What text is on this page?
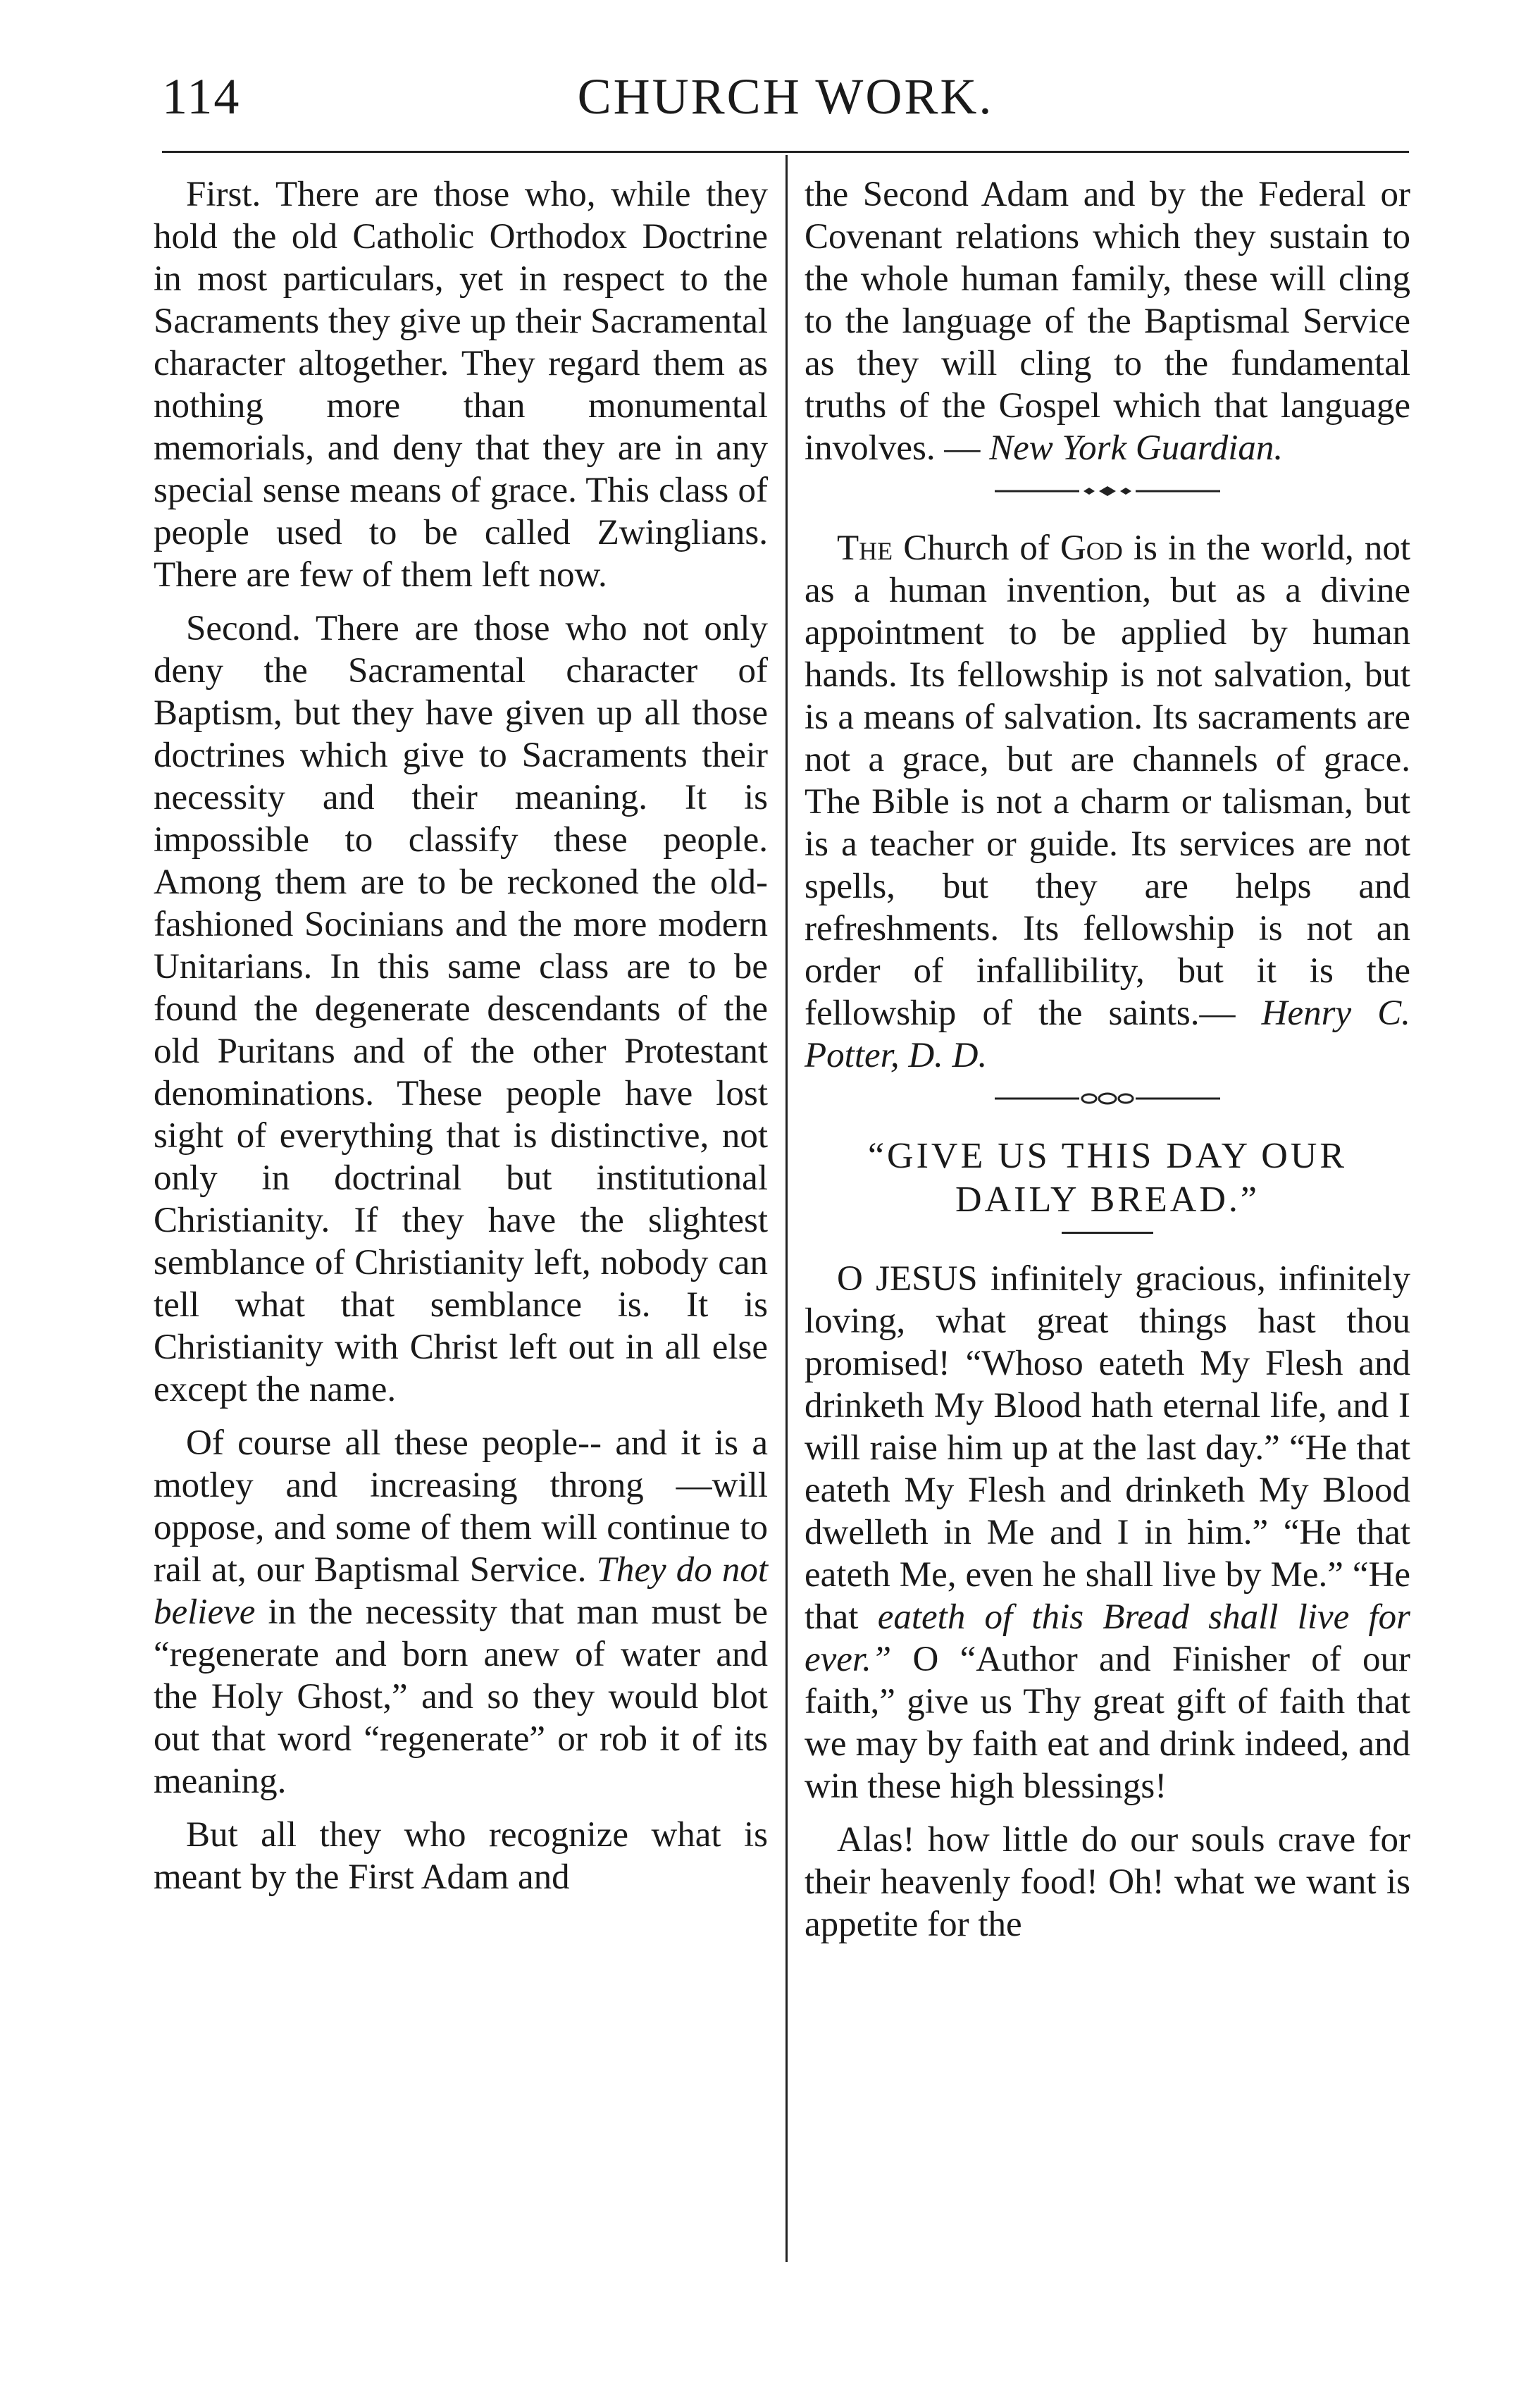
114	CHURCH WORK.

First. There are those who, while they hold the old Catholic Orthodox Doctrine in most particulars, yet in respect to the Sacraments they give up their Sacramental character altogether. They regard them as nothing more than monumental memorials, and deny that they are in any special sense means of grace. This class of people used to be called Zwinglians. There are few of them left now.

Second. There are those who not only deny the Sacramental character of Baptism, but they have given up all those doctrines which give to Sacraments their necessity and their meaning. It is impossible to classify these people. Among them are to be reckoned the old-fashioned Socinians and the more modern Unitarians. In this same class are to be found the degenerate descendants of the old Puritans and of the other Protestant denominations. These people have lost sight of everything that is distinctive, not only in doctrinal but institutional Christianity. If they have the slightest semblance of Christianity left, nobody can tell what that semblance is. It is Christianity with Christ left out in all else except the name.

Of course all these people-- and it is a motley and increasing throng —will oppose, and some of them will continue to rail at, our Baptismal Service. They do not believe in the necessity that man must be “regenerate and born anew of water and the Holy Ghost,” and so they would blot out that word “regenerate” or rob it of its meaning.

But all they who recognize what is meant by the First Adam and

the Second Adam and by the Federal or Covenant relations which they sustain to the whole human family, these will cling to the language of the Baptismal Service as they will cling to the fundamental truths of the Gospel which that language involves. — New York Guardian.

The Church of God is in the world, not as a human invention, but as a divine appointment to be applied by human hands. Its fellowship is not salvation, but is a means of salvation. Its sacraments are not a grace, but are channels of grace. The Bible is not a charm or talisman, but is a teacher or guide. Its services are not spells, but they are helps and refreshments. Its fellowship is not an order of infallibility, but it is the fellowship of the saints.— Henry C. Potter, D. D.

“GIVE US THIS DAY OUR
DAILY BREAD.”

O JESUS infinitely gracious, infinitely loving, what great things hast thou promised! “Whoso eateth My Flesh and drinketh My Blood hath eternal life, and I will raise him up at the last day.” “He that eateth My Flesh and drinketh My Blood dwelleth in Me and I in him.” “He that eateth Me, even he shall live by Me.” “He that eateth of this Bread shall live for ever.” O “Author and Finisher of our faith,” give us Thy great gift of faith that we may by faith eat and drink indeed, and win these high blessings!

Alas! how little do our souls crave for their heavenly food! Oh! what we want is appetite for the
